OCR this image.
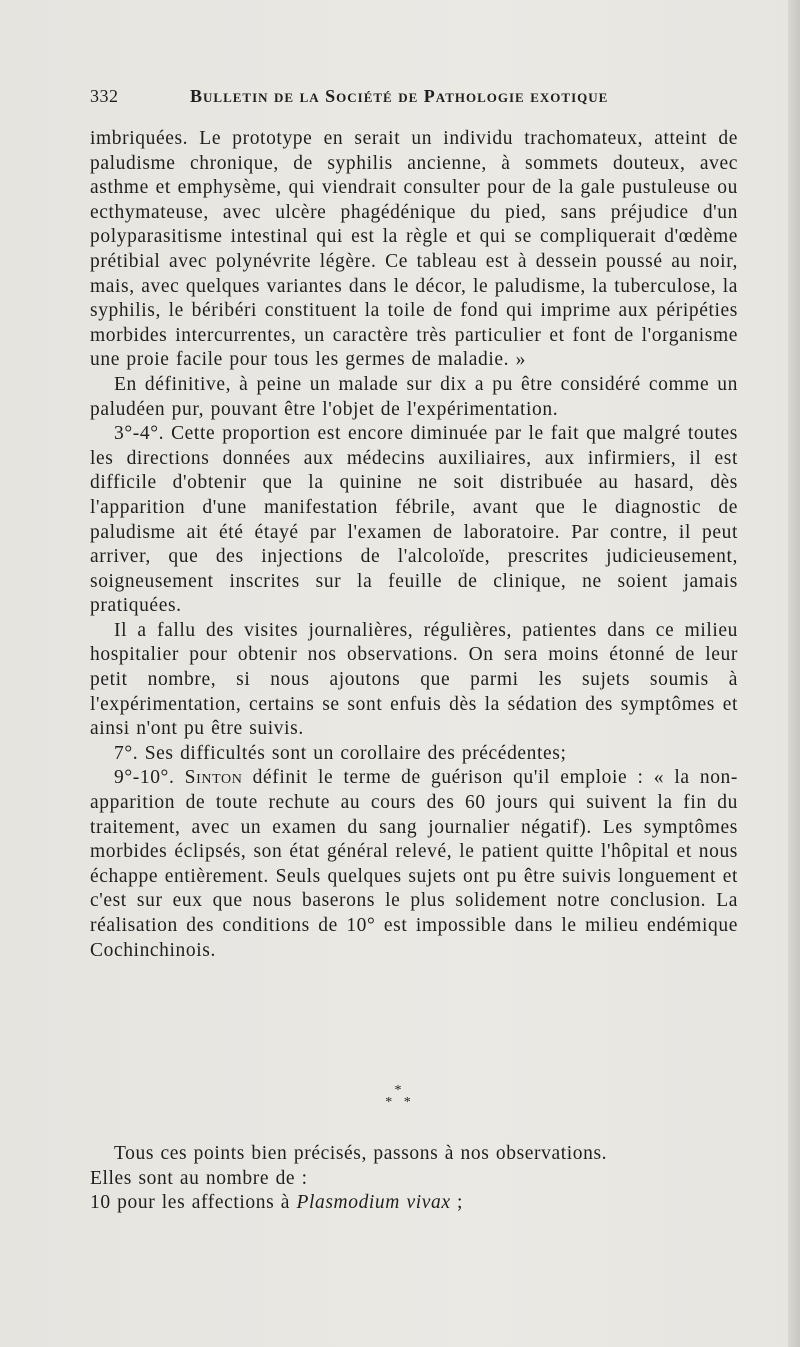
332	Bulletin de la Société de Pathologie exotique

imbriquées. Le prototype en serait un individu trachomateux, atteint de paludisme chronique, de syphilis ancienne, à sommets douteux, avec asthme et emphysème, qui viendrait consulter pour de la gale pustuleuse ou ecthymateuse, avec ulcère phagédénique du pied, sans préjudice d'un polyparasitisme intestinal qui est la règle et qui se compliquerait d'œdème prétibial avec polynévrite légère. Ce tableau est à dessein poussé au noir, mais, avec quelques variantes dans le décor, le paludisme, la tuberculose, la syphilis, le béribéri constituent la toile de fond qui imprime aux péripéties morbides intercurrentes, un caractère très particulier et font de l'organisme une proie facile pour tous les germes de maladie. »

En définitive, à peine un malade sur dix a pu être considéré comme un paludéen pur, pouvant être l'objet de l'expérimentation.

3°-4°. Cette proportion est encore diminuée par le fait que malgré toutes les directions données aux médecins auxiliaires, aux infirmiers, il est difficile d'obtenir que la quinine ne soit distribuée au hasard, dès l'apparition d'une manifestation fébrile, avant que le diagnostic de paludisme ait été étayé par l'examen de laboratoire. Par contre, il peut arriver, que des injections de l'alcoloïde, prescrites judicieusement, soigneusement inscrites sur la feuille de clinique, ne soient jamais pratiquées.

Il a fallu des visites journalières, régulières, patientes dans ce milieu hospitalier pour obtenir nos observations. On sera moins étonné de leur petit nombre, si nous ajoutons que parmi les sujets soumis à l'expérimentation, certains se sont enfuis dès la sédation des symptômes et ainsi n'ont pu être suivis.

7°. Ses difficultés sont un corollaire des précédentes;

9°-10°. Sinton définit le terme de guérison qu'il emploie : « la non-apparition de toute rechute au cours des 60 jours qui suivent la fin du traitement, avec un examen du sang journalier négatif). Les symptômes morbides éclipsés, son état général relevé, le patient quitte l'hôpital et nous échappe entièrement. Seuls quelques sujets ont pu être suivis longuement et c'est sur eux que nous baserons le plus solidement notre conclusion. La réalisation des conditions de 10° est impossible dans le milieu endémique Cochinchinois.

*
* *

Tous ces points bien précisés, passons à nos observations.

Elles sont au nombre de :

10 pour les affections à Plasmodium vivax ;
